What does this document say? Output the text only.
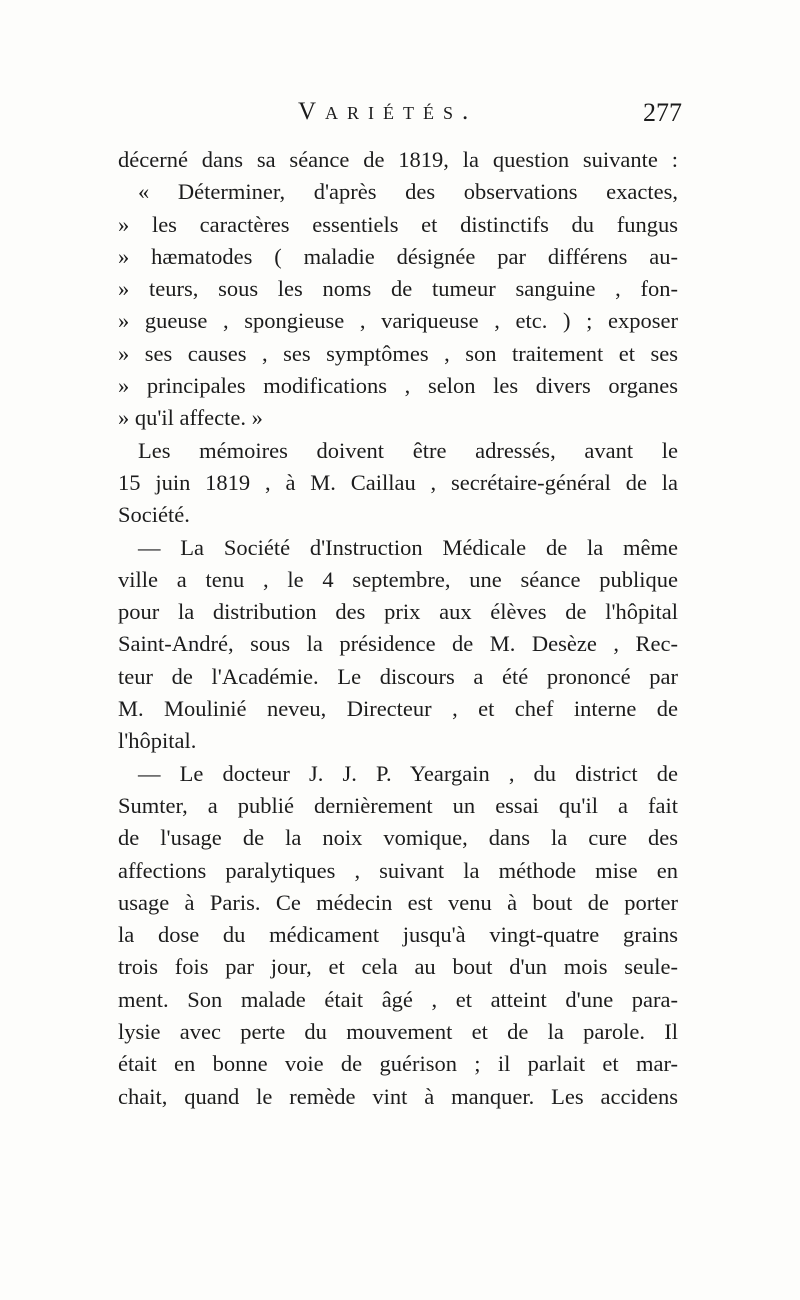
Variétés.	277
décerné dans sa séance de 1819, la question suivante :
« Déterminer, d'après des observations exactes,
» les caractères essentiels et distinctifs du fungus
» hæmatodes ( maladie désignée par différens au-
» teurs, sous les noms de tumeur sanguine , fon-
» gueuse , spongieuse , variqueuse , etc. ) ; exposer
» ses causes , ses symptômes , son traitement et ses
» principales modifications , selon les divers organes
» qu'il affecte. »
Les mémoires doivent être adressés, avant le
15 juin 1819 , à M. Caillau , secrétaire-général de la
Société.
— La Société d'Instruction Médicale de la même
ville a tenu , le 4 septembre, une séance publique
pour la distribution des prix aux élèves de l'hôpital
Saint-André, sous la présidence de M. Desèze , Rec-
teur de l'Académie. Le discours a été prononcé par
M. Moulinié neveu, Directeur , et chef interne de
l'hôpital.
— Le docteur J. J. P. Yeargain , du district de
Sumter, a publié dernièrement un essai qu'il a fait
de l'usage de la noix vomique, dans la cure des
affections paralytiques , suivant la méthode mise en
usage à Paris. Ce médecin est venu à bout de porter
la dose du médicament jusqu'à vingt-quatre grains
trois fois par jour, et cela au bout d'un mois seule-
ment. Son malade était âgé , et atteint d'une para-
lysie avec perte du mouvement et de la parole. Il
était en bonne voie de guérison ; il parlait et mar-
chait, quand le remède vint à manquer. Les accidens
